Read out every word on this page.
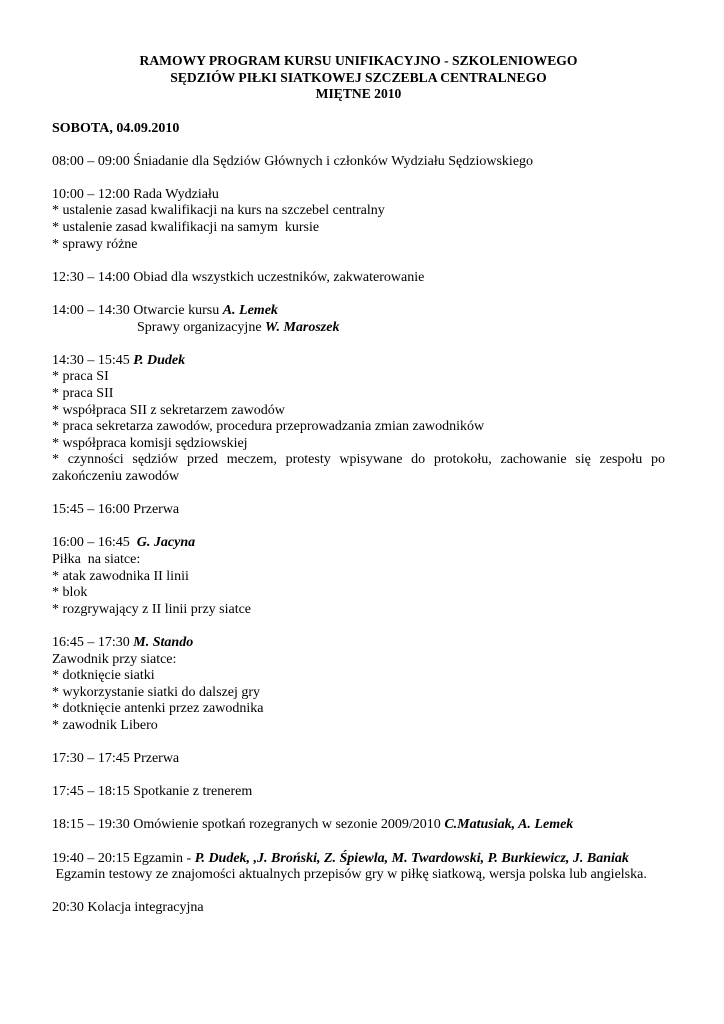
RAMOWY PROGRAM KURSU UNIFIKACYJNO - SZKOLENIOWEGO

SĘDZIÓW PIŁKI SIATKOWEJ SZCZEBLA CENTRALNEGO

MIĘTNE 2010

SOBOTA, 04.09.2010

08:00 – 09:00 Śniadanie dla Sędziów Głównych i członków Wydziału Sędziowskiego

10:00 – 12:00 Rada Wydziału

* ustalenie zasad kwalifikacji na kurs na szczebel centralny

* ustalenie zasad kwalifikacji na samym  kursie

* sprawy różne

12:30 – 14:00 Obiad dla wszystkich uczestników, zakwaterowanie

14:00 – 14:30 Otwarcie kursu A. Lemek

Sprawy organizacyjne W. Maroszek

14:30 – 15:45 P. Dudek

* praca SI

* praca SII

* współpraca SII z sekretarzem zawodów

* praca sekretarza zawodów, procedura przeprowadzania zmian zawodników

* współpraca komisji sędziowskiej

* czynności sędziów przed meczem, protesty wpisywane do protokołu, zachowanie się zespołu po zakończeniu zawodów

15:45 – 16:00 Przerwa

16:00 – 16:45  G. Jacyna

Piłka  na siatce:

* atak zawodnika II linii

* blok

* rozgrywający z II linii przy siatce

16:45 – 17:30 M. Stando

Zawodnik przy siatce:

* dotknięcie siatki

* wykorzystanie siatki do dalszej gry

* dotknięcie antenki przez zawodnika

* zawodnik Libero

17:30 – 17:45 Przerwa

17:45 – 18:15 Spotkanie z trenerem

18:15 – 19:30 Omówienie spotkań rozegranych w sezonie 2009/2010 C.Matusiak, A. Lemek

19:40 – 20:15 Egzamin - P. Dudek, ,J. Broński, Z. Śpiewla, M. Twardowski, P. Burkiewicz, J. Baniak

Egzamin testowy ze znajomości aktualnych przepisów gry w piłkę siatkową, wersja polska lub angielska.

20:30 Kolacja integracyjna
